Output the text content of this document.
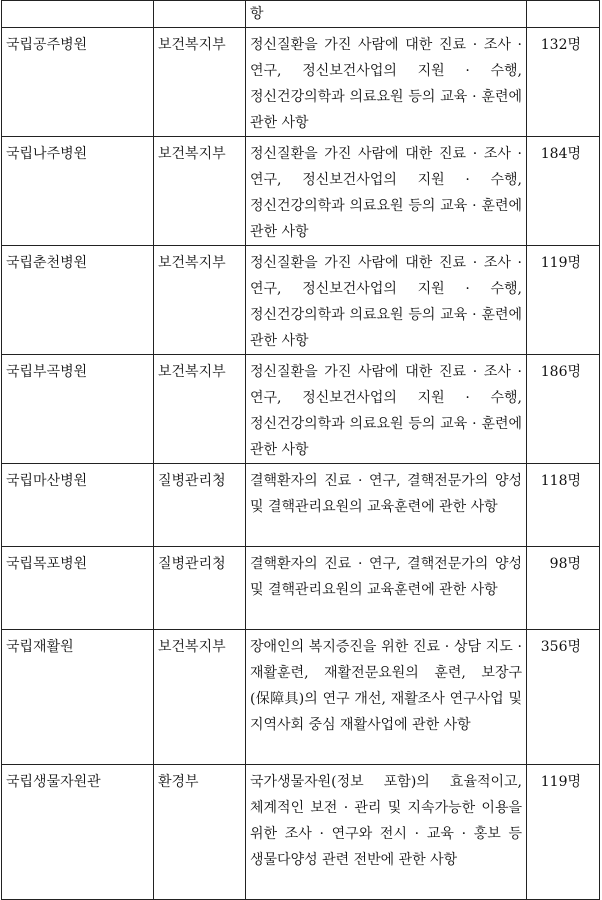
		항	
국립공주병원	보건복지부	정신질환을 가진 사람에 대한 진료 · 조사 · 연구, 정신보건사업의 지원 · 수행, 정신건강의학과 의료요원 등의 교육 · 훈련에 관한 사항	132명
국립나주병원	보건복지부	정신질환을 가진 사람에 대한 진료 · 조사 · 연구, 정신보건사업의 지원 · 수행, 정신건강의학과 의료요원 등의 교육 · 훈련에 관한 사항	184명
국립춘천병원	보건복지부	정신질환을 가진 사람에 대한 진료 · 조사 · 연구, 정신보건사업의 지원 · 수행, 정신건강의학과 의료요원 등의 교육 · 훈련에 관한 사항	119명
국립부곡병원	보건복지부	정신질환을 가진 사람에 대한 진료 · 조사 · 연구, 정신보건사업의 지원 · 수행, 정신건강의학과 의료요원 등의 교육 · 훈련에 관한 사항	186명
국립마산병원	질병관리청	결핵환자의 진료 · 연구, 결핵전문가의 양성 및 결핵관리요원의 교육훈련에 관한 사항	118명
국립목포병원	질병관리청	결핵환자의 진료 · 연구, 결핵전문가의 양성 및 결핵관리요원의 교육훈련에 관한 사항	98명
국립재활원	보건복지부	장애인의 복지증진을 위한 진료 · 상담 지도 · 재활훈련, 재활전문요원의 훈련, 보장구(保障具)의 연구 개선, 재활조사 연구사업 및 지역사회 중심 재활사업에 관한 사항	356명
국립생물자원관	환경부	국가생물자원(정보 포함)의 효율적이고, 체계적인 보전 · 관리 및 지속가능한 이용을 위한 조사 · 연구와 전시 · 교육 · 홍보 등 생물다양성 관련 전반에 관한 사항	119명
